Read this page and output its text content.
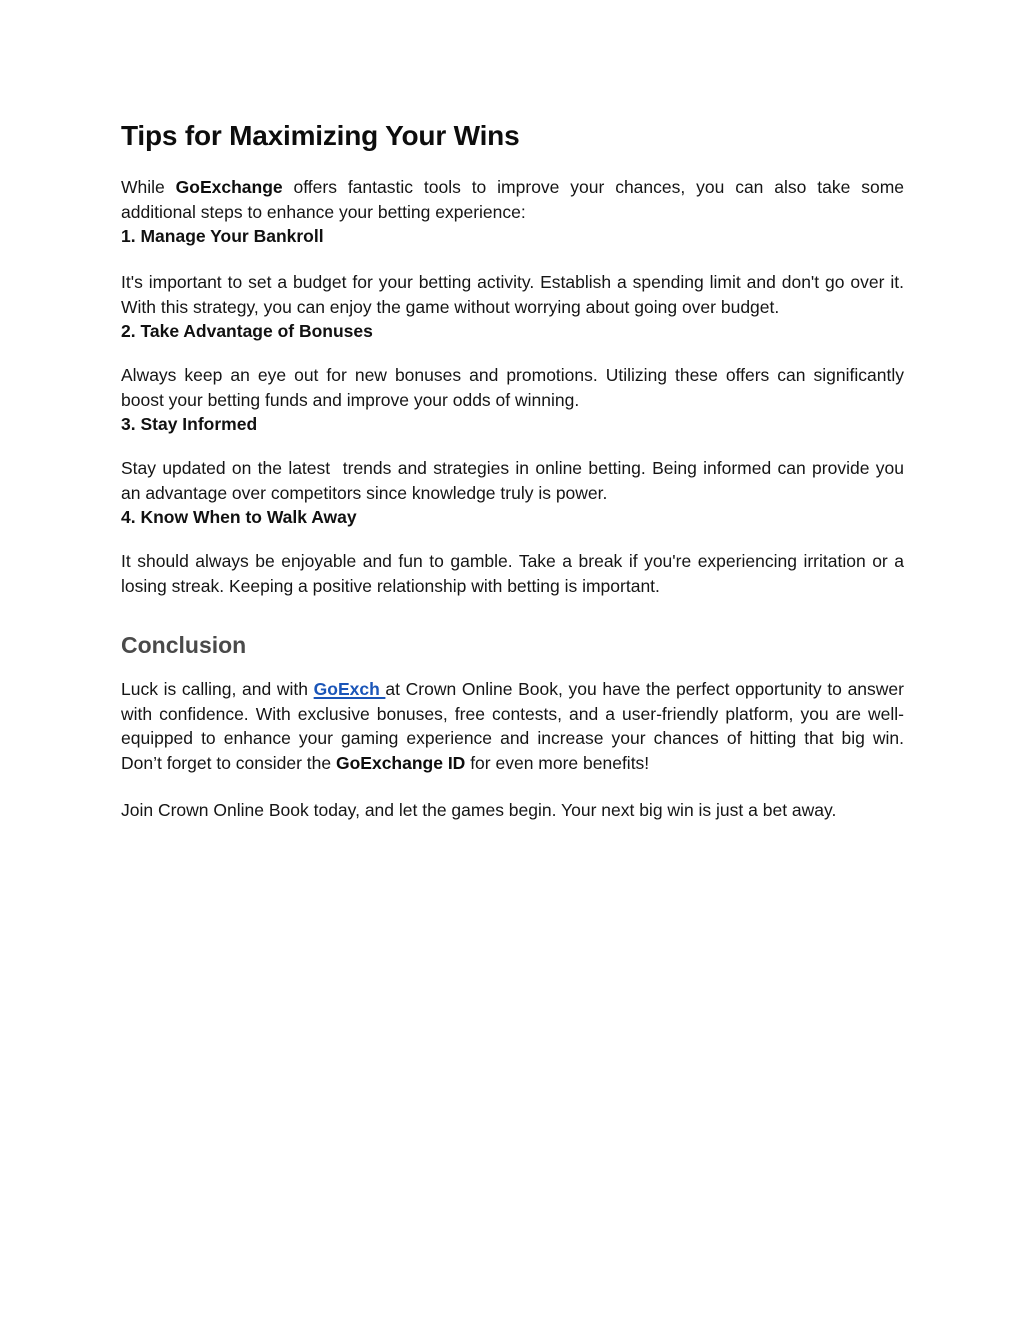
Tips for Maximizing Your Wins

While GoExchange offers fantastic tools to improve your chances, you can also take some additional steps to enhance your betting experience:

1. Manage Your Bankroll

It's important to set a budget for your betting activity. Establish a spending limit and don't go over it. With this strategy, you can enjoy the game without worrying about going over budget.

2. Take Advantage of Bonuses

Always keep an eye out for new bonuses and promotions. Utilizing these offers can significantly boost your betting funds and improve your odds of winning.

3. Stay Informed

Stay updated on the latest  trends and strategies in online betting. Being informed can provide you an advantage over competitors since knowledge truly is power.

4. Know When to Walk Away

It should always be enjoyable and fun to gamble. Take a break if you're experiencing irritation or a losing streak. Keeping a positive relationship with betting is important.

Conclusion

Luck is calling, and with GoExch at Crown Online Book, you have the perfect opportunity to answer with confidence. With exclusive bonuses, free contests, and a user-friendly platform, you are well-equipped to enhance your gaming experience and increase your chances of hitting that big win. Don’t forget to consider the GoExchange ID for even more benefits!

Join Crown Online Book today, and let the games begin. Your next big win is just a bet away.
